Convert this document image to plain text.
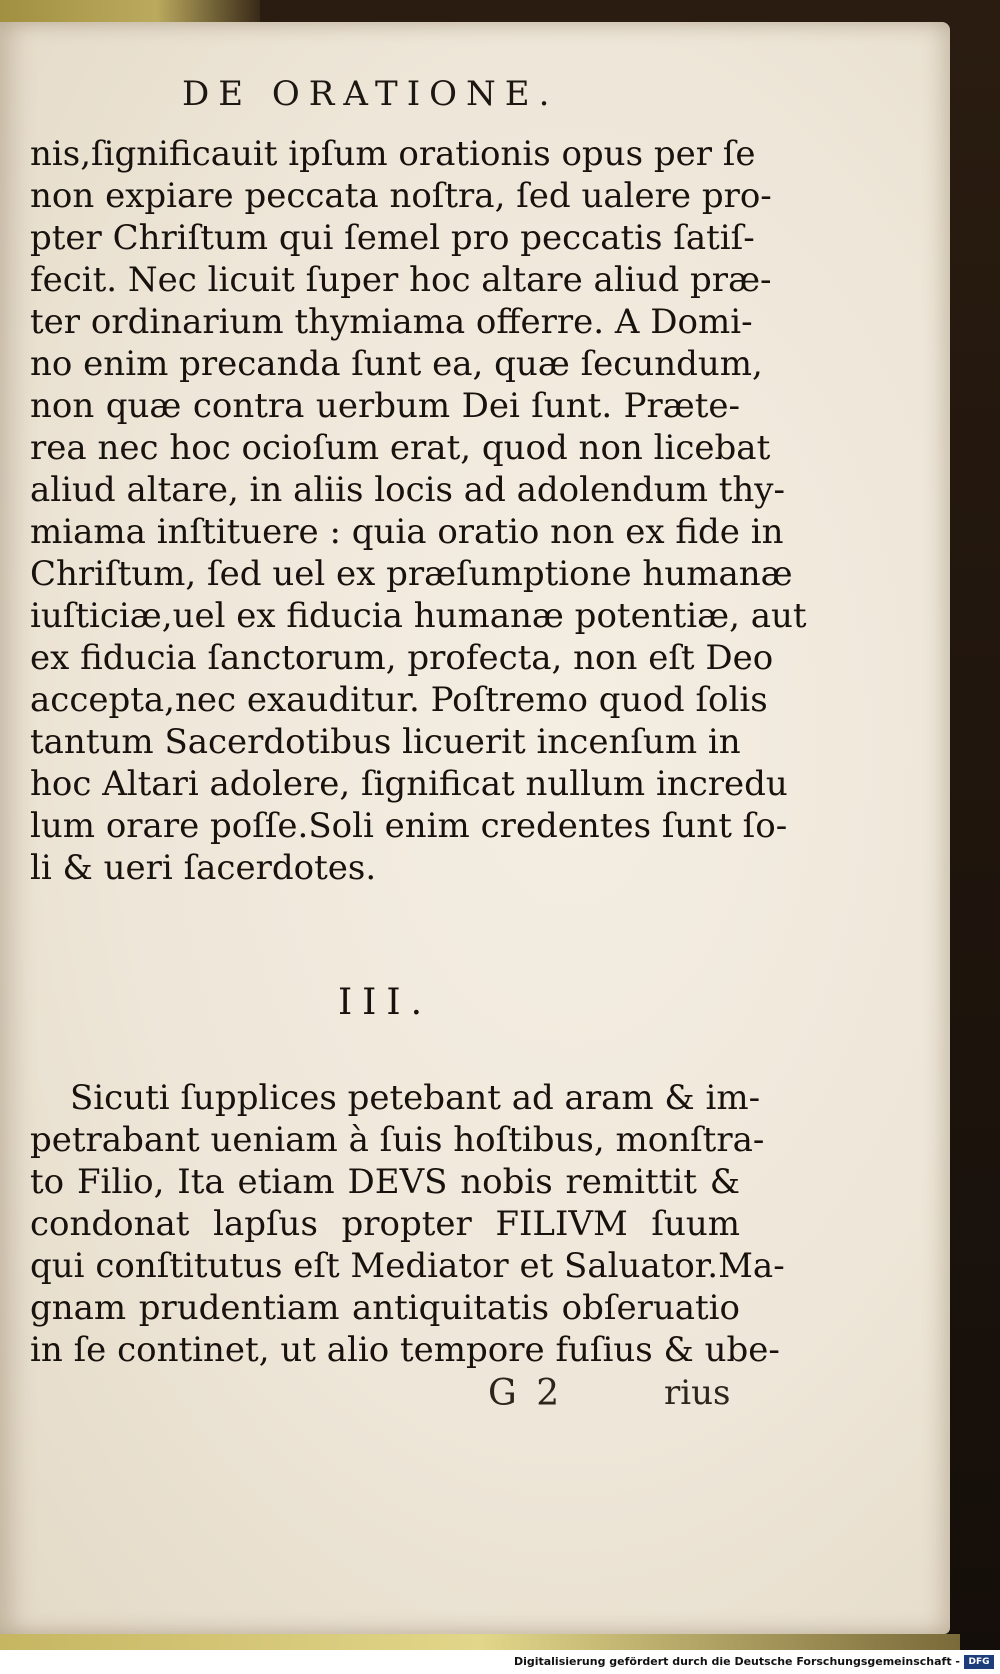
DE ORATIONE.
nis,ſignificauit ipſum orationis opus per ſe
non expiare peccata noſtra, ſed ualere pro-
pter Chriſtum qui ſemel pro peccatis ſatiſ-
fecit. Nec licuit ſuper hoc altare aliud præ-
ter ordinarium thymiama offerre. A Domi-
no enim precanda ſunt ea, quæ ſecundum,
non quæ contra uerbum Dei ſunt. Præte-
rea nec hoc ocioſum erat, quod non licebat
aliud altare, in aliis locis ad adolendum thy-
miama inſtituere : quia oratio non ex fide in
Chriſtum, ſed uel ex præſumptione humanæ
iuſticiæ,uel ex fiducia humanæ potentiæ, aut
ex fiducia ſanctorum, profecta, non eſt Deo
accepta,nec exauditur. Poſtremo quod ſolis
tantum Sacerdotibus licuerit incenſum in
hoc Altari adolere, ſignificat nullum incredu
lum orare poſſe.Soli enim credentes ſunt ſo-
li & ueri ſacerdotes.
III.
Sicuti ſupplices petebant ad aram & im-
petrabant ueniam à ſuis hoſtibus, monſtra-
to Filio, Ita etiam DEVS nobis remittit &
condonat lapſus propter FILIVM ſuum
qui conſtitutus eſt Mediator et Saluator.Ma-
gnam prudentiam antiquitatis obſeruatio
in ſe continet, ut alio tempore fuſius & ube-
G 2	rius
Digitalisierung gefördert durch die Deutsche Forschungsgemeinschaft - DFG
